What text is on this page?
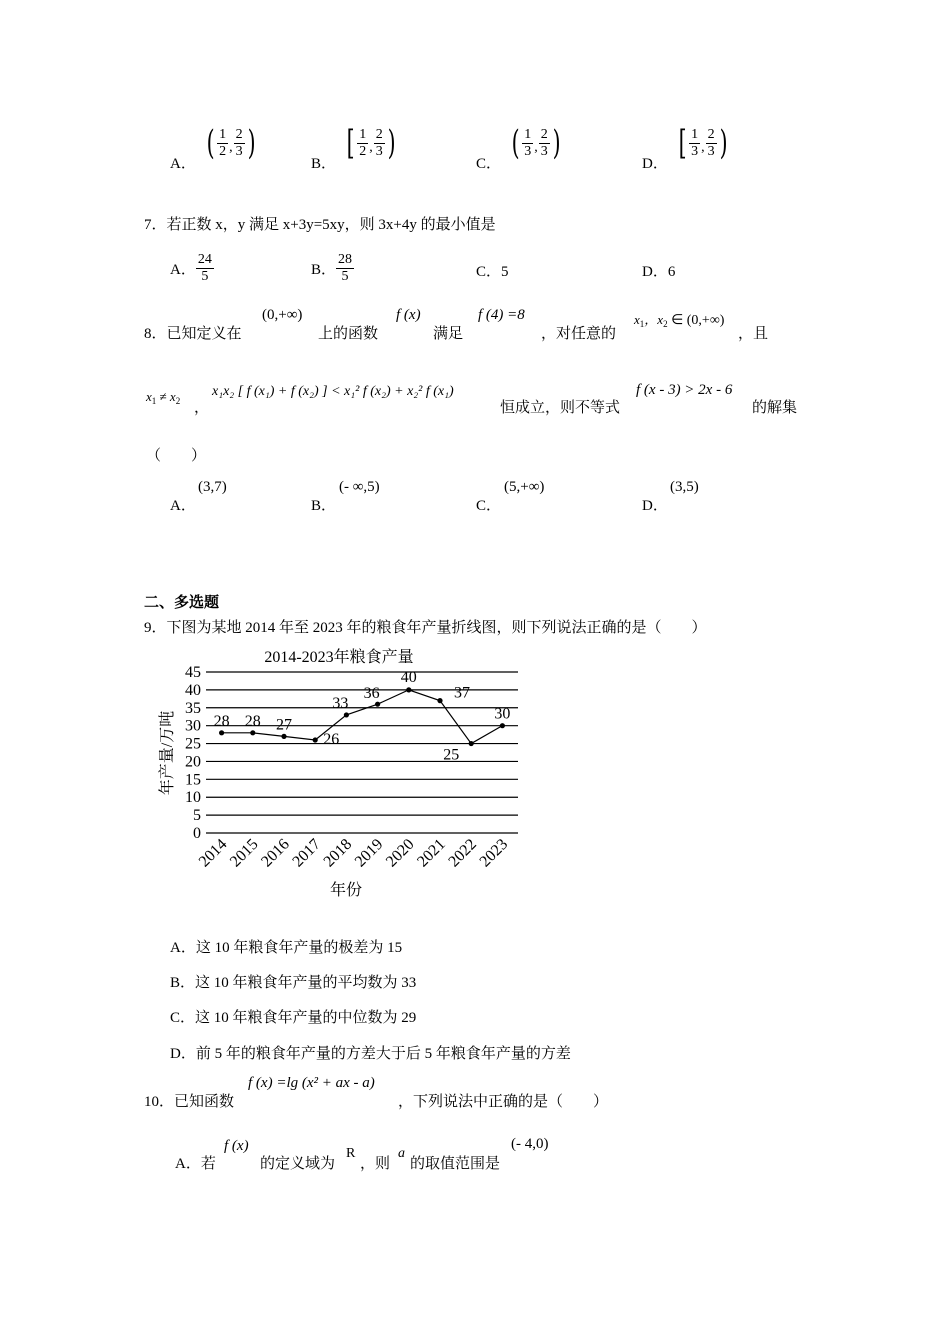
A．
( $\frac{1}{2}$ , $\frac{2}{3}$ )
B．
[ $\frac{1}{2}$ , $\frac{2}{3}$ )
C．
( $\frac{1}{3}$ , $\frac{2}{3}$ )
D．
[ $\frac{1}{3}$ , $\frac{2}{3}$ )
7．若正数 x，y 满足 x+3y=5xy，则 3x+4y 的最小值是
A． $\frac{24}{5}$	B． $\frac{28}{5}$	C．5	D．6
8．已知定义在
(0,+∞)
上的函数
f (x)
满足
f (4) =8
，对任意的
$x_1$，$x_2$ ∈ (0,+∞)
，且
$x_1 \ne x_2$ ，
x₁x₂ [ f (x₁) + f (x₂) ] < x₁² f (x₂) + x₂² f (x₁)
恒成立，则不等式
f (x - 3) > 2x - 6
的解集
（　　）
A．
(3,7)
B．
(- ∞,5)
C．
(5,+∞)
D．
(3,5)
二、多选题
9．下图为某地 2014 年至 2023 年的粮食年产量折线图，则下列说法正确的是（　　）
2014-2023年粮食产量
0
5
10
15
20
25
30
35
40
45
2014
2015
2016
2017
2018
2019
2020
2021
2022
2023
28 28 27
26
33
36
40
37
25
30
年产量/万吨
年份
A．这 10 年粮食年产量的极差为 15
B．这 10 年粮食年产量的平均数为 33
C．这 10 年粮食年产量的中位数为 29
D．前 5 年的粮食年产量的方差大于后 5 年粮食年产量的方差
10．已知函数
f (x) =lg (x² + ax - a)
，下列说法中正确的是（　　）
A．若
f (x)
的定义域为
R
，则
a
的取值范围是
(- 4,0)
